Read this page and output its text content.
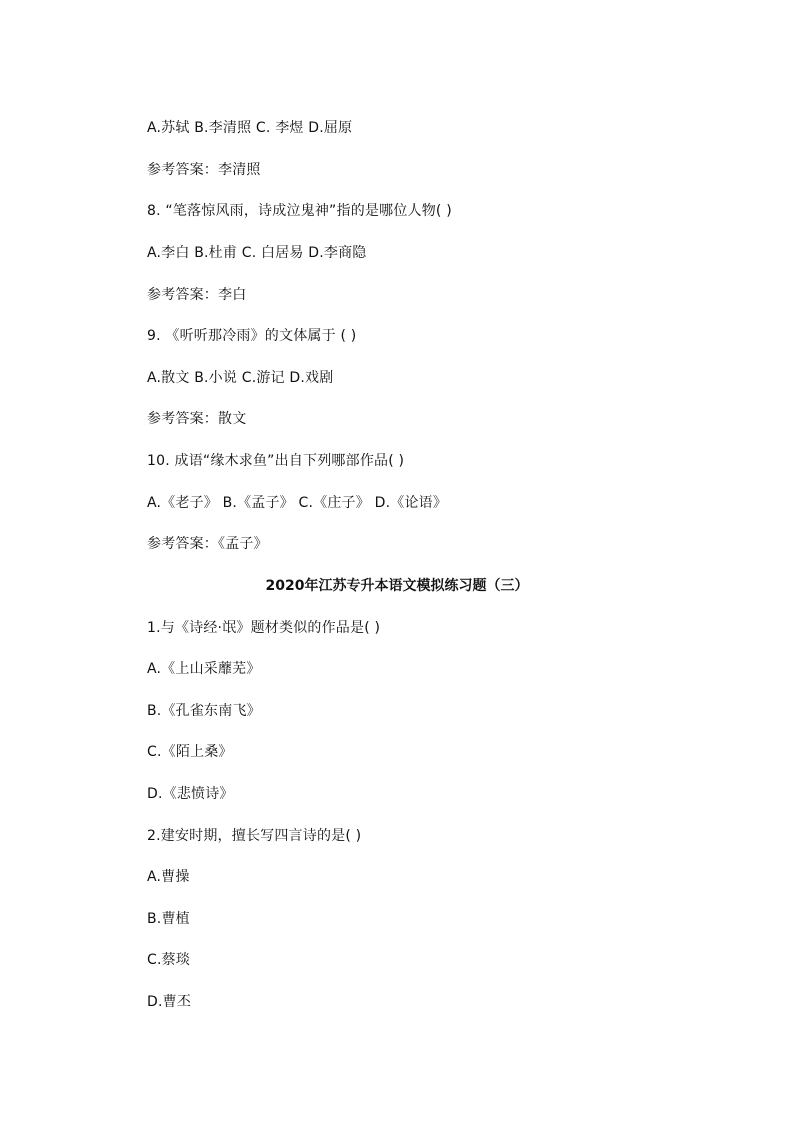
A.苏轼 B.李清照 C. 李煜 D.屈原
参考答案：李清照
8. “笔落惊风雨，诗成泣鬼神”指的是哪位人物( )
A.李白 B.杜甫 C. 白居易 D.李商隐
参考答案：李白
9. 《听听那冷雨》的文体属于 ( )
A.散文 B.小说 C.游记 D.戏剧
参考答案：散文
10. 成语“缘木求鱼”出自下列哪部作品( )
A.《老子》 B.《孟子》 C.《庄子》 D.《论语》
参考答案：《孟子》
2020年江苏专升本语文模拟练习题（三）
1.与《诗经·氓》题材类似的作品是( )
A.《上山采蘼芜》
B.《孔雀东南飞》
C.《陌上桑》
D.《悲愤诗》
2.建安时期，擅长写四言诗的是( )
A.曹操
B.曹植
C.蔡琰
D.曹丕
